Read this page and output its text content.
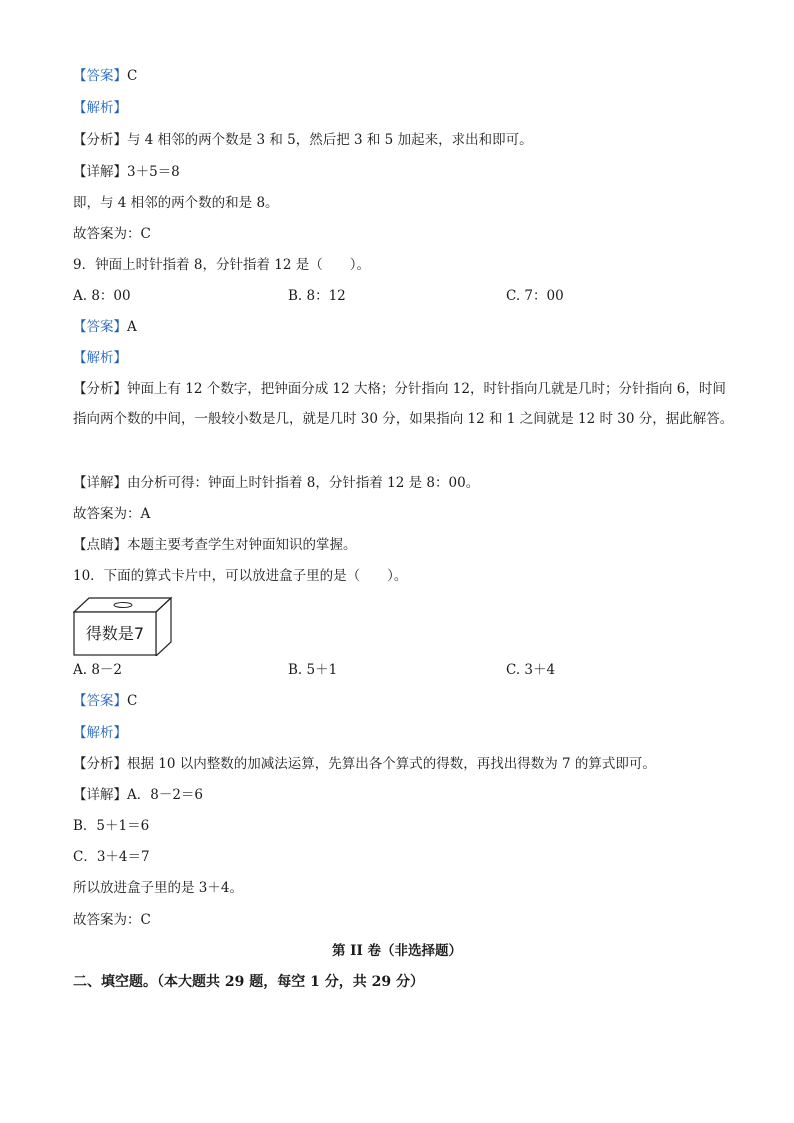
【答案】C
【解析】
【分析】与 4 相邻的两个数是 3 和 5，然后把 3 和 5 加起来，求出和即可。
【详解】3＋5＝8
即，与 4 相邻的两个数的和是 8。
故答案为：C
9．钟面上时针指着 8，分针指着 12 是（　　）。
A. 8：00	B. 8：12	C. 7：00
【答案】A
【解析】
【分析】钟面上有 12 个数字，把钟面分成 12 大格；分针指向 12，时针指向几就是几时；分针指向 6，时间指向两个数的中间，一般较小数是几，就是几时 30 分，如果指向 12 和 1 之间就是 12 时 30 分，据此解答。
【详解】由分析可得：钟面上时针指着 8，分针指着 12 是 8：00。
故答案为：A
【点睛】本题主要考查学生对钟面知识的掌握。
10．下面的算式卡片中，可以放进盒子里的是（　　）。
得数是7
A. 8－2	B. 5＋1	C. 3＋4
【答案】C
【解析】
【分析】根据 10 以内整数的加减法运算，先算出各个算式的得数，再找出得数为 7 的算式即可。
【详解】A．8－2＝6
B．5＋1＝6
C．3＋4＝7
所以放进盒子里的是 3＋4。
故答案为：C
第 II 卷（非选择题）
二、填空题。（本大题共 29 题，每空 1 分，共 29 分）
